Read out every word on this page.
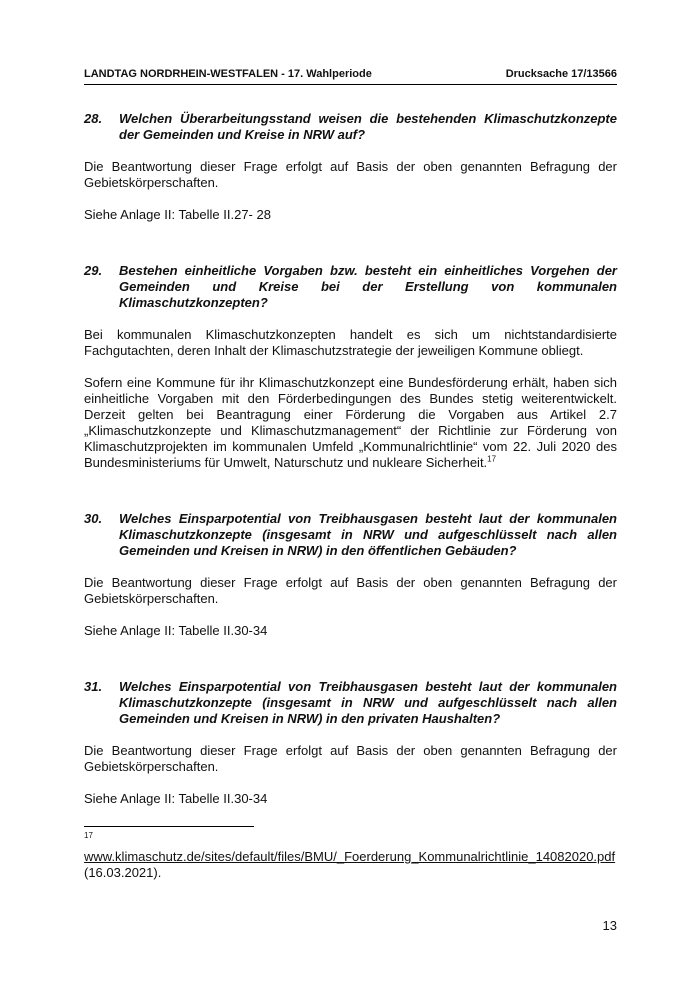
LANDTAG NORDRHEIN-WESTFALEN - 17. Wahlperiode	Drucksache 17/13566
28.	Welchen Überarbeitungsstand weisen die bestehenden Klimaschutzkonzepte der Gemeinden und Kreise in NRW auf?

Die Beantwortung dieser Frage erfolgt auf Basis der oben genannten Befragung der Gebietskörperschaften.

Siehe Anlage II: Tabelle II.27- 28

29.	Bestehen einheitliche Vorgaben bzw. besteht ein einheitliches Vorgehen der Gemeinden und Kreise bei der Erstellung von kommunalen Klimaschutzkonzepten?

Bei kommunalen Klimaschutzkonzepten handelt es sich um nichtstandardisierte Fachgutachten, deren Inhalt der Klimaschutzstrategie der jeweiligen Kommune obliegt.

Sofern eine Kommune für ihr Klimaschutzkonzept eine Bundesförderung erhält, haben sich einheitliche Vorgaben mit den Förderbedingungen des Bundes stetig weiterentwickelt. Derzeit gelten bei Beantragung einer Förderung die Vorgaben aus Artikel 2.7 „Klimaschutzkonzepte und Klimaschutzmanagement“ der Richtlinie zur Förderung von Klimaschutzprojekten im kommunalen Umfeld „Kommunalrichtlinie“ vom 22. Juli 2020 des Bundesministeriums für Umwelt, Naturschutz und nukleare Sicherheit.$^{17}$

30.	Welches Einsparpotential von Treibhausgasen besteht laut der kommunalen Klimaschutzkonzepte (insgesamt in NRW und aufgeschlüsselt nach allen Gemeinden und Kreisen in NRW) in den öffentlichen Gebäuden?

Die Beantwortung dieser Frage erfolgt auf Basis der oben genannten Befragung der Gebietskörperschaften.

Siehe Anlage II: Tabelle II.30-34

31.	Welches Einsparpotential von Treibhausgasen besteht laut der kommunalen Klimaschutzkonzepte (insgesamt in NRW und aufgeschlüsselt nach allen Gemeinden und Kreisen in NRW) in den privaten Haushalten?

Die Beantwortung dieser Frage erfolgt auf Basis der oben genannten Befragung der Gebietskörperschaften.

Siehe Anlage II: Tabelle II.30-34

17
www.klimaschutz.de/sites/default/files/BMU/_Foerderung_Kommunalrichtlinie_14082020.pdf
(16.03.2021).
13
